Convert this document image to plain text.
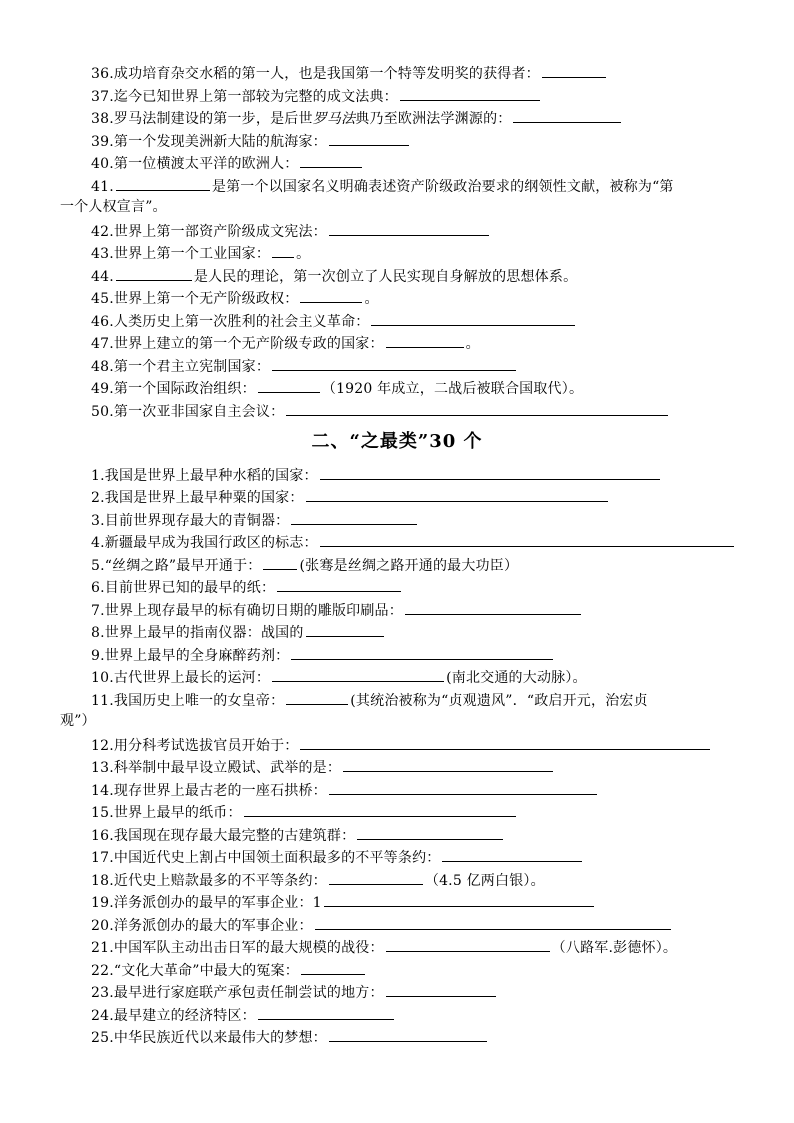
36.成功培育杂交水稻的第一人，也是我国第一个特等发明奖的获得者：
37.迄今已知世界上第一部较为完整的成文法典：
38.罗马法制建设的第一步，是后世罗马法典乃至欧洲法学渊源的：
39.第一个发现美洲新大陆的航海家：
40.第一位横渡太平洋的欧洲人：
41.	是第一个以国家名义明确表述资产阶级政治要求的纲领性文献，被称为“第
一个人权宣言”。
42.世界上第一部资产阶级成文宪法：
43.世界上第一个工业国家： 。
44.	是人民的理论，第一次创立了人民实现自身解放的思想体系。
45.世界上第一个无产阶级政权：	。
46.人类历史上第一次胜利的社会主义革命：
47.世界上建立的第一个无产阶级专政的国家：	。
48.第一个君主立宪制国家：
49.第一个国际政治组织：	（1920 年成立，二战后被联合国取代）。
50.第一次亚非国家自主会议：
二、“之最类”30 个
1.我国是世界上最早种水稻的国家：
2.我国是世界上最早种粟的国家：
3.目前世界现存最大的青铜器：
4.新疆最早成为我国行政区的标志：
5.“丝绸之路”最早开通于：	(张骞是丝绸之路开通的最大功臣）
6.目前世界已知的最早的纸：
7.世界上现存最早的标有确切日期的雕版印刷品：
8.世界上最早的指南仪器：战国的
9.世界上最早的全身麻醉药剂：
10.古代世界上最长的运河：	(南北交通的大动脉）。
11.我国历史上唯一的女皇帝：	(其统治被称为“贞观遗风”．“政启开元，治宏贞
观”）
12.用分科考试选拔官员开始于：
13.科举制中最早设立殿试、武举的是：
14.现存世界上最古老的一座石拱桥：
15.世界上最早的纸币：
16.我国现在现存最大最完整的古建筑群：
17.中国近代史上割占中国领土面积最多的不平等条约：
18.近代史上赔款最多的不平等条约：	（4.5 亿两白银）。
19.洋务派创办的最早的军事企业：1
20.洋务派创办的最大的军事企业：
21.中国军队主动出击日军的最大规模的战役：	（八路军.彭德怀）。
22.“文化大革命”中最大的冤案：
23.最早进行家庭联产承包责任制尝试的地方：
24.最早建立的经济特区：
25.中华民族近代以来最伟大的梦想：
